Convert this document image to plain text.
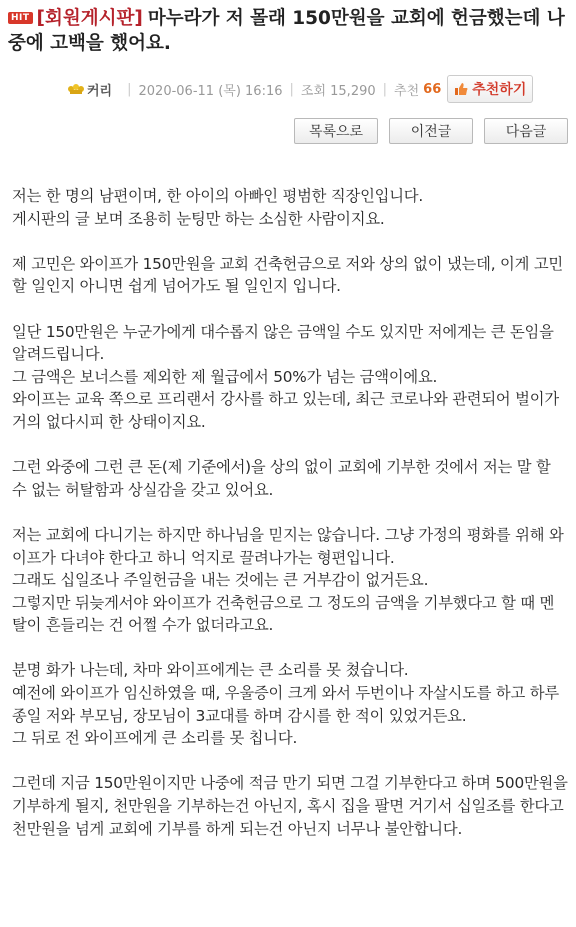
HIT [회원게시판] 마누라가 저 몰래 150만원을 교회에 헌금했는데 나중에 고백을 했어요.
커리 | 2020-06-11 (목) 16:16 | 조회 15,290 | 추천 66 추천하기
목록으로	이전글	다음글

저는 한 명의 남편이며, 한 아이의 아빠인 평범한 직장인입니다.
게시판의 글 보며 조용히 눈팅만 하는 소심한 사람이지요.

제 고민은 와이프가 150만원을 교회 건축헌금으로 저와 상의 없이 냈는데, 이게 고민할 일인지 아니면 쉽게 넘어가도 될 일인지 입니다.

일단 150만원은 누군가에게 대수롭지 않은 금액일 수도 있지만 저에게는 큰 돈임을 알려드립니다.
그 금액은 보너스를 제외한 제 월급에서 50%가 넘는 금액이에요.
와이프는 교육 쪽으로 프리랜서 강사를 하고 있는데, 최근 코로나와 관련되어 벌이가 거의 없다시피 한 상태이지요.

그런 와중에 그런 큰 돈(제 기준에서)을 상의 없이 교회에 기부한 것에서 저는 말 할 수 없는 허탈함과 상실감을 갖고 있어요.

저는 교회에 다니기는 하지만 하나님을 믿지는 않습니다. 그냥 가정의 평화를 위해 와이프가 다녀야 한다고 하니 억지로 끌려나가는 형편입니다.
그래도 십일조나 주일헌금을 내는 것에는 큰 거부감이 없거든요.
그렇지만 뒤늦게서야 와이프가 건축헌금으로 그 정도의 금액을 기부했다고 할 때 멘탈이 흔들리는 건 어쩔 수가 없더라고요.

분명 화가 나는데, 차마 와이프에게는 큰 소리를 못 쳤습니다.
예전에 와이프가 임신하였을 때, 우울증이 크게 와서 두번이나 자살시도를 하고 하루종일 저와 부모님, 장모님이 3교대를 하며 감시를 한 적이 있었거든요.
그 뒤로 전 와이프에게 큰 소리를 못 칩니다.

그런데 지금 150만원이지만 나중에 적금 만기 되면 그걸 기부한다고 하며 500만원을 기부하게 될지, 천만원을 기부하는건 아닌지, 혹시 집을 팔면 거기서 십일조를 한다고 천만원을 넘게 교회에 기부를 하게 되는건 아닌지 너무나 불안합니다.
